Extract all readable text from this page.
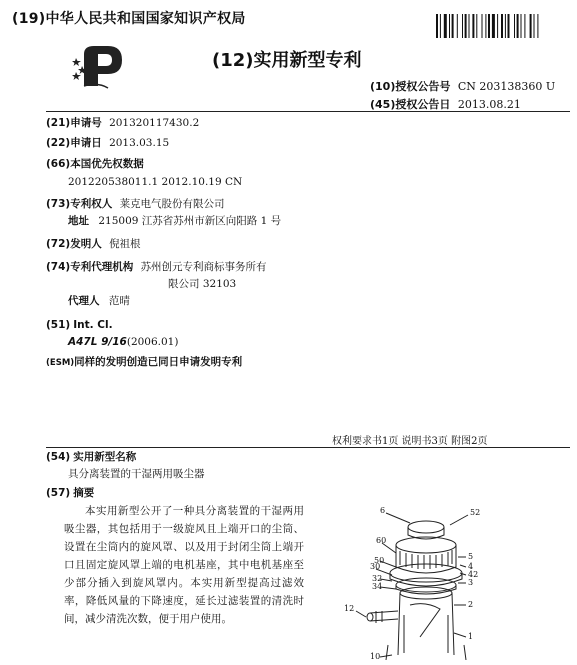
(19)中华人民共和国国家知识产权局
(12)实用新型专利
(10)授权公告号 CN 203138360 U
(45)授权公告日 2013.08.21
(21)申请号 201320117430.2
(22)申请日 2013.03.15
(66)本国优先权数据
201220538011.1 2012.10.19 CN
(73)专利权人 莱克电气股份有限公司
地址 215009 江苏省苏州市新区向阳路 1 号
(72)发明人 倪祖根
(74)专利代理机构 苏州创元专利商标事务所有
限公司 32103
代理人 范晴
(51) Int. Cl.
A47L 9/16(2006.01)
(ESM)同样的发明创造已同日申请发明专利
权利要求书1页 说明书3页 附图2页
(54) 实用新型名称
具分离装置的干湿两用吸尘器
(57) 摘要
本实用新型公开了一种具分离装置的干湿两用吸尘器，其包括用于一级旋风且上端开口的尘筒、设置在尘筒内的旋风罩、以及用于封闭尘筒上端开口且固定旋风罩上端的电机基座，其中电机基座至少部分插入到旋风罩内。本实用新型提高过滤效率，降低风量的下降速度，延长过滤装置的清洗时间，减少清洗次数，便于用户使用。
6	52
60
5
50
4
30
42
32	3
34
2
12
1
10
